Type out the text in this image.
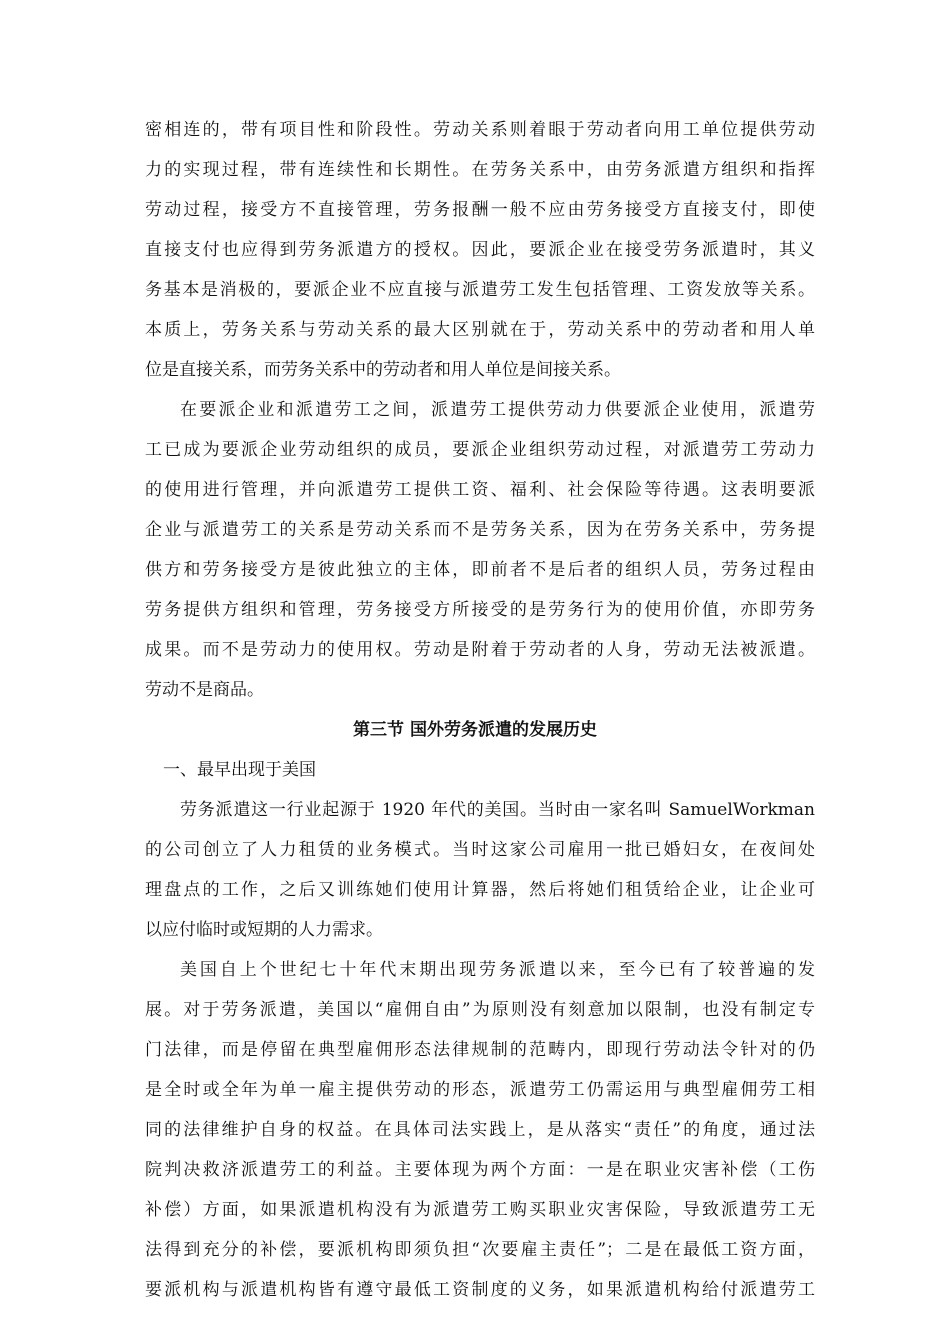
密相连的，带有项目性和阶段性。劳动关系则着眼于劳动者向用工单位提供劳动
力的实现过程，带有连续性和长期性。在劳务关系中，由劳务派遣方组织和指挥
劳动过程，接受方不直接管理，劳务报酬一般不应由劳务接受方直接支付，即使
直接支付也应得到劳务派遣方的授权。因此，要派企业在接受劳务派遣时，其义
务基本是消极的，要派企业不应直接与派遣劳工发生包括管理、工资发放等关系。
本质上，劳务关系与劳动关系的最大区别就在于，劳动关系中的劳动者和用人单
位是直接关系，而劳务关系中的劳动者和用人单位是间接关系。
在要派企业和派遣劳工之间，派遣劳工提供劳动力供要派企业使用，派遣劳
工已成为要派企业劳动组织的成员，要派企业组织劳动过程，对派遣劳工劳动力
的使用进行管理，并向派遣劳工提供工资、福利、社会保险等待遇。这表明要派
企业与派遣劳工的关系是劳动关系而不是劳务关系，因为在劳务关系中，劳务提
供方和劳务接受方是彼此独立的主体，即前者不是后者的组织人员，劳务过程由
劳务提供方组织和管理，劳务接受方所接受的是劳务行为的使用价值，亦即劳务
成果。而不是劳动力的使用权。劳动是附着于劳动者的人身，劳动无法被派遣。
劳动不是商品。
第三节 国外劳务派遣的发展历史
一、最早出现于美国
劳务派遣这一行业起源于 1920 年代的美国。当时由一家名叫 SamuelWorkman
的公司创立了人力租赁的业务模式。当时这家公司雇用一批已婚妇女，在夜间处
理盘点的工作，之后又训练她们使用计算器，然后将她们租赁给企业，让企业可
以应付临时或短期的人力需求。
美国自上个世纪七十年代末期出现劳务派遣以来，至今已有了较普遍的发
展。对于劳务派遣，美国以“雇佣自由”为原则没有刻意加以限制，也没有制定专
门法律，而是停留在典型雇佣形态法律规制的范畴内，即现行劳动法令针对的仍
是全时或全年为单一雇主提供劳动的形态，派遣劳工仍需运用与典型雇佣劳工相
同的法律维护自身的权益。在具体司法实践上，是从落实“责任”的角度，通过法
院判决救济派遣劳工的利益。主要体现为两个方面：一是在职业灾害补偿（工伤
补偿）方面，如果派遣机构没有为派遣劳工购买职业灾害保险，导致派遣劳工无
法得到充分的补偿，要派机构即须负担“次要雇主责任”；二是在最低工资方面，
要派机构与派遣机构皆有遵守最低工资制度的义务，如果派遣机构给付派遣劳工
